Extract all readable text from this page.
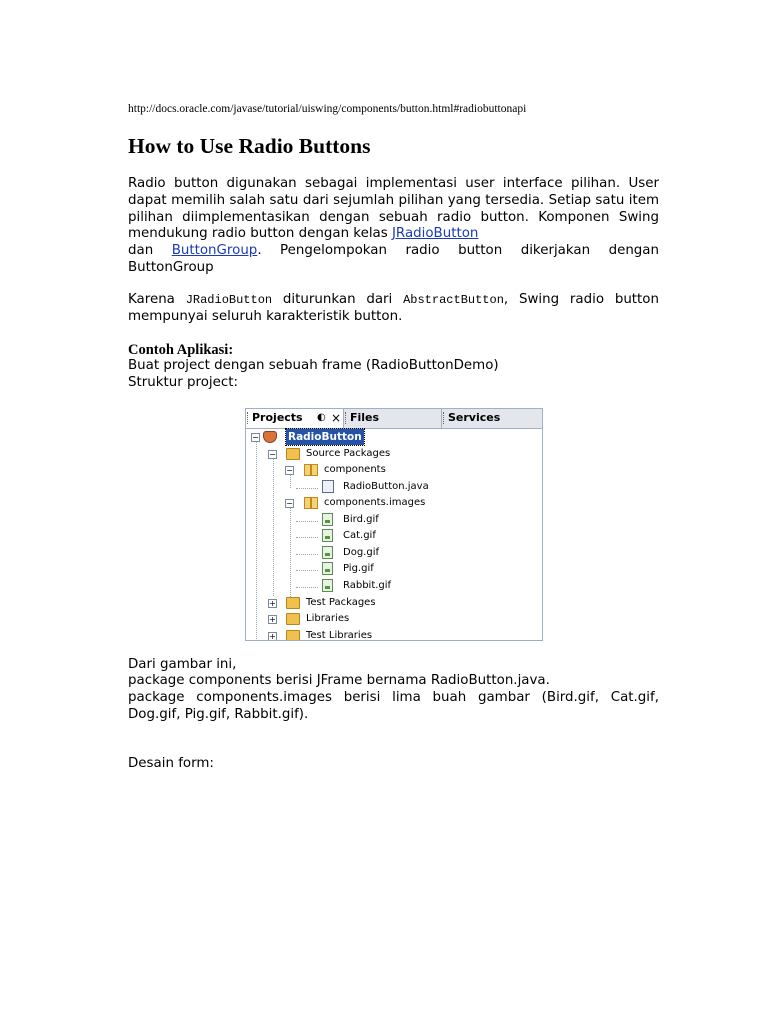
http://docs.oracle.com/javase/tutorial/uiswing/components/button.html#radiobuttonapi
How to Use Radio Buttons

Radio button digunakan sebagai implementasi user interface pilihan. User dapat memilih salah satu dari sejumlah pilihan yang tersedia. Setiap satu item pilihan diimplementasikan dengan sebuah radio button. Komponen Swing mendukung radio button dengan kelas JRadioButton
dan ButtonGroup. Pengelompokan radio button dikerjakan dengan ButtonGroup

Karena JRadioButton diturunkan dari AbstractButton, Swing radio button mempunyai seluruh karakteristik button.

Contoh Aplikasi:
Buat project dengan sebuah frame (RadioButtonDemo)
Struktur project:
Projects ◐ × Files	Services
−	RadioButton
−	Source Packages
−	components
RadioButton.java
−	components.images
Bird.gif
Cat.gif
Dog.gif
Pig.gif
Rabbit.gif
+	Test Packages
+	Libraries
+	Test Libraries
Dari gambar ini,
package components berisi JFrame bernama RadioButton.java.
package components.images berisi lima buah gambar (Bird.gif, Cat.gif, Dog.gif, Pig.gif, Rabbit.gif).
Desain form:
